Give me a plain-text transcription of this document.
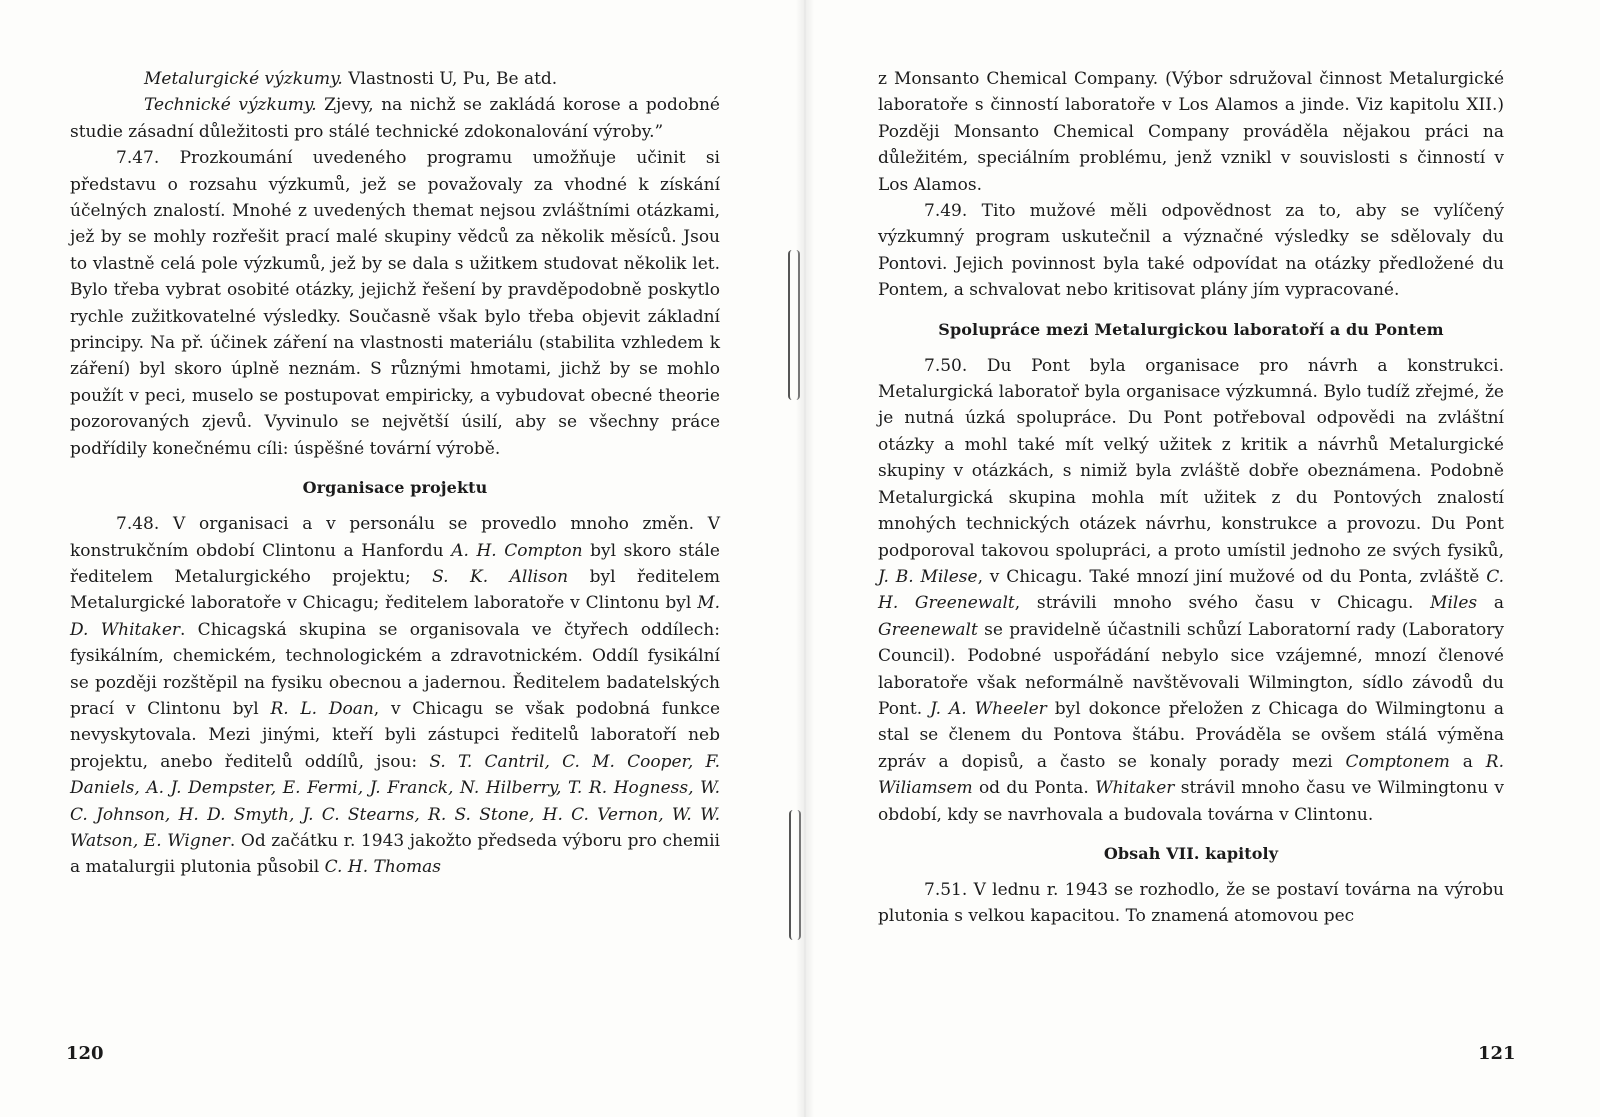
Metalurgické výzkumy. Vlastnosti U, Pu, Be atd.

Technické výzkumy. Zjevy, na nichž se zakládá korose a podobné studie zásadní důležitosti pro stálé technické zdokonalování výroby.”

7.47. Prozkoumání uvedeného programu umožňuje učinit si představu o rozsahu výzkumů, jež se považovaly za vhodné k získání účelných znalostí. Mnohé z uvedených themat nejsou zvláštními otázkami, jež by se mohly rozřešit prací malé skupiny vědců za několik měsíců. Jsou to vlastně celá pole výzkumů, jež by se dala s užitkem studovat několik let. Bylo třeba vybrat osobité otázky, jejichž řešení by pravděpodobně poskytlo rychle zužitkovatelné výsledky. Současně však bylo třeba objevit základní principy. Na př. účinek záření na vlastnosti materiálu (stabilita vzhledem k záření) byl skoro úplně neznám. S různými hmotami, jichž by se mohlo použít v peci, muselo se postupovat empiricky, a vybudovat obecné theorie pozorovaných zjevů. Vyvinulo se největší úsilí, aby se všechny práce podřídily konečnému cíli: úspěšné tovární výrobě.

Organisace projektu

7.48. V organisaci a v personálu se provedlo mnoho změn. V konstrukčním období Clintonu a Hanfordu A. H. Compton byl skoro stále ředitelem Metalurgického projektu; S. K. Allison byl ředitelem Metalurgické laboratoře v Chicagu; ředitelem laboratoře v Clintonu byl M. D. Whitaker. Chicagská skupina se organisovala ve čtyřech oddílech: fysikálním, chemickém, technologickém a zdravotnickém. Oddíl fysikální se později rozštěpil na fysiku obecnou a jadernou. Ředitelem badatelských prací v Clintonu byl R. L. Doan, v Chicagu se však podobná funkce nevyskytovala. Mezi jinými, kteří byli zástupci ředitelů laboratoří neb projektu, anebo ředitelů oddílů, jsou: S. T. Cantril, C. M. Cooper, F. Daniels, A. J. Dempster, E. Fermi, J. Franck, N. Hilberry, T. R. Hogness, W. C. Johnson, H. D. Smyth, J. C. Stearns, R. S. Stone, H. C. Vernon, W. W. Watson, E. Wigner. Od začátku r. 1943 jakožto předseda výboru pro chemii a matalurgii plutonia působil C. H. Thomas

z Monsanto Chemical Company. (Výbor sdružoval činnost Metalurgické laboratoře s činností laboratoře v Los Alamos a jinde. Viz kapitolu XII.) Později Monsanto Chemical Company prováděla nějakou práci na důležitém, speciálním problému, jenž vznikl v souvislosti s činností v Los Alamos.

7.49. Tito mužové měli odpovědnost za to, aby se vylíčený výzkumný program uskutečnil a význačné výsledky se sdělovaly du Pontovi. Jejich povinnost byla také odpovídat na otázky předložené du Pontem, a schvalovat nebo kritisovat plány jím vypracované.

Spolupráce mezi Metalurgickou laboratoří a du Pontem

7.50. Du Pont byla organisace pro návrh a konstrukci. Metalurgická laboratoř byla organisace výzkumná. Bylo tudíž zřejmé, že je nutná úzká spolupráce. Du Pont potřeboval odpovědi na zvláštní otázky a mohl také mít velký užitek z kritik a návrhů Metalurgické skupiny v otázkách, s nimiž byla zvláště dobře obeznámena. Podobně Metalurgická skupina mohla mít užitek z du Pontových znalostí mnohých technických otázek návrhu, konstrukce a provozu. Du Pont podporoval takovou spolupráci, a proto umístil jednoho ze svých fysiků, J. B. Milese, v Chicagu. Také mnozí jiní mužové od du Ponta, zvláště C. H. Greenewalt, strávili mnoho svého času v Chicagu. Miles a Greenewalt se pravidelně účastnili schůzí Laboratorní rady (Laboratory Council). Podobné uspořádání nebylo sice vzájemné, mnozí členové laboratoře však neformálně navštěvovali Wilmington, sídlo závodů du Pont. J. A. Wheeler byl dokonce přeložen z Chicaga do Wilmingtonu a stal se členem du Pontova štábu. Prováděla se ovšem stálá výměna zpráv a dopisů, a často se konaly porady mezi Comptonem a R. Wiliamsem od du Ponta. Whitaker strávil mnoho času ve Wilmingtonu v období, kdy se navrhovala a budovala továrna v Clintonu.

Obsah VII. kapitoly

7.51. V lednu r. 1943 se rozhodlo, že se postaví továrna na výrobu plutonia s velkou kapacitou. To znamená atomovou pec

120	121
